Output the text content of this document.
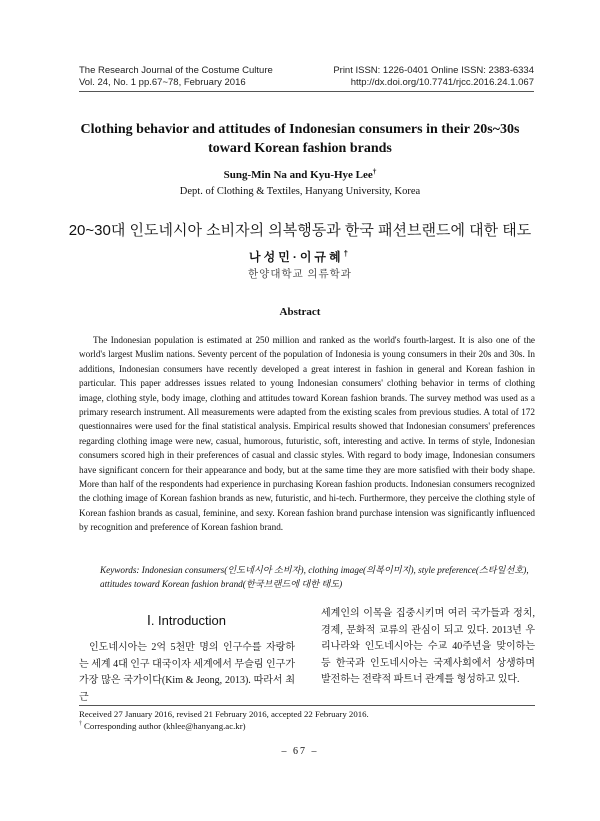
The Research Journal of the Costume Culture
Vol. 24, No. 1 pp.67~78, February 2016
Print ISSN: 1226-0401 Online ISSN: 2383-6334
http://dx.doi.org/10.7741/rjcc.2016.24.1.067
Clothing behavior and attitudes of Indonesian consumers in their 20s~30s
toward Korean fashion brands
Sung-Min Na and Kyu-Hye Lee†
Dept. of Clothing & Textiles, Hanyang University, Korea
20~30대 인도네시아 소비자의 의복행동과 한국 패션브랜드에 대한 태도
나성민·이규혜†
한양대학교 의류학과
Abstract
The Indonesian population is estimated at 250 million and ranked as the world's fourth-largest. It is also one of the world's largest Muslim nations. Seventy percent of the population of Indonesia is young consumers in their 20s and 30s. In additions, Indonesian consumers have recently developed a great interest in fashion in general and Korean fashion in particular. This paper addresses issues related to young Indonesian consumers' clothing behavior in terms of clothing image, clothing style, body image, clothing and attitudes toward Korean fashion brands. The survey method was used as a primary research instrument. All measurements were adapted from the existing scales from previous studies. A total of 172 questionnaires were used for the final statistical analysis. Empirical results showed that Indonesian consumers' preferences regarding clothing image were new, casual, humorous, futuristic, soft, interesting and active. In terms of style, Indonesian consumers scored high in their preferences of casual and classic styles. With regard to body image, Indonesian consumers have significant concern for their appearance and body, but at the same time they are more satisfied with their body shape. More than half of the respondents had experience in purchasing Korean fashion products. Indonesian consumers recognized the clothing image of Korean fashion brands as new, futuristic, and hi-tech. Furthermore, they perceive the clothing style of Korean fashion brands as casual, feminine, and sexy. Korean fashion brand purchase intension was significantly influenced by recognition and preference of Korean fashion brand.
Keywords: Indonesian consumers(인도네시아 소비자), clothing image(의복이미지), style preference(스타일선호), attitudes toward Korean fashion brand(한국브랜드에 대한 태도)
Ⅰ. Introduction
인도네시아는 2억 5천만 명의 인구수를 자랑하는 세계 4대 인구 대국이자 세계에서 무슬림 인구가 가장 많은 국가이다(Kim & Jeong, 2013). 따라서 최근
세계인의 이목을 집중시키며 여러 국가들과 정치, 경제, 문화적 교류의 관심이 되고 있다. 2013년 우리나라와 인도네시아는 수교 40주년을 맞이하는 등 한국과 인도네시아는 국제사회에서 상생하며 발전하는 전략적 파트너 관계를 형성하고 있다.
Received 27 January 2016, revised 21 February 2016, accepted 22 February 2016.
† Corresponding author (khlee@hanyang.ac.kr)
– 67 –
